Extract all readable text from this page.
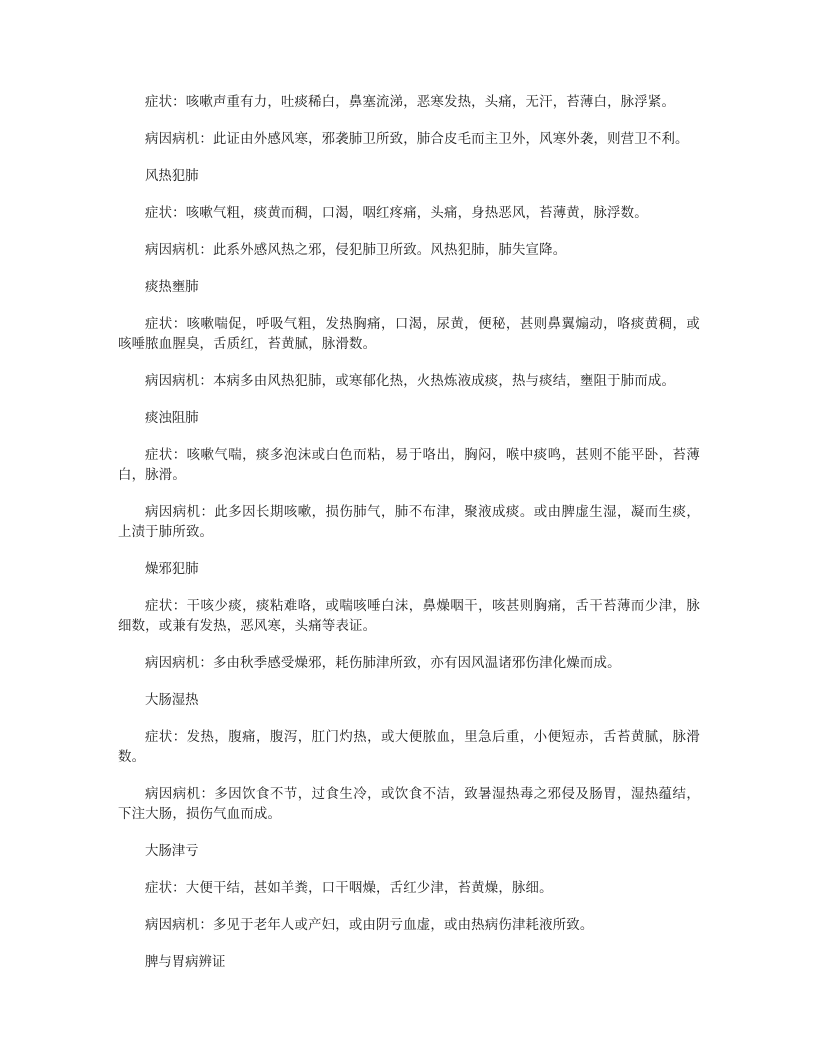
症状：咳嗽声重有力，吐痰稀白，鼻塞流涕，恶寒发热，头痛，无汗，苔薄白，脉浮紧。

病因病机：此证由外感风寒，邪袭肺卫所致，肺合皮毛而主卫外，风寒外袭，则营卫不利。

风热犯肺

症状：咳嗽气粗，痰黄而稠，口渴，咽红疼痛，头痛，身热恶风，苔薄黄，脉浮数。

病因病机：此系外感风热之邪，侵犯肺卫所致。风热犯肺，肺失宣降。

痰热壅肺

症状：咳嗽喘促，呼吸气粗，发热胸痛，口渴，尿黄，便秘，甚则鼻翼煽动，咯痰黄稠，或咳唾脓血腥臭，舌质红，苔黄腻，脉滑数。

病因病机：本病多由风热犯肺，或寒郁化热，火热炼液成痰，热与痰结，壅阻于肺而成。

痰浊阻肺

症状：咳嗽气喘，痰多泡沫或白色而粘，易于咯出，胸闷，喉中痰鸣，甚则不能平卧，苔薄白，脉滑。

病因病机：此多因长期咳嗽，损伤肺气，肺不布津，聚液成痰。或由脾虚生湿，凝而生痰，上渍于肺所致。

燥邪犯肺

症状：干咳少痰，痰粘难咯，或喘咳唾白沫，鼻燥咽干，咳甚则胸痛，舌干苔薄而少津，脉细数，或兼有发热，恶风寒，头痛等表证。

病因病机：多由秋季感受燥邪，耗伤肺津所致，亦有因风温诸邪伤津化燥而成。

大肠湿热

症状：发热，腹痛，腹泻，肛门灼热，或大便脓血，里急后重，小便短赤，舌苔黄腻，脉滑数。

病因病机：多因饮食不节，过食生冷，或饮食不洁，致暑湿热毒之邪侵及肠胃，湿热蕴结，下注大肠，损伤气血而成。

大肠津亏

症状：大便干结，甚如羊粪，口干咽燥，舌红少津，苔黄燥，脉细。

病因病机：多见于老年人或产妇，或由阴亏血虚，或由热病伤津耗液所致。

脾与胃病辨证
